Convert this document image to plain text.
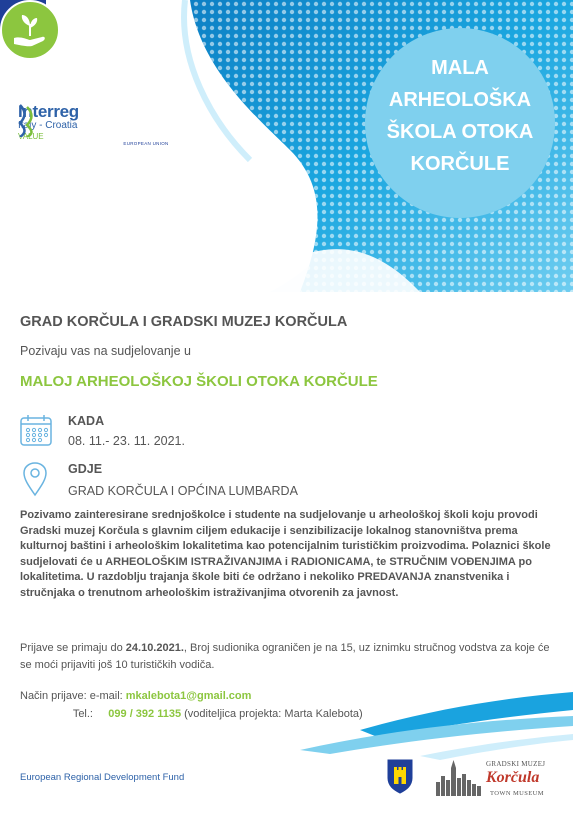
Interreg
Italy - Croatia
VALUE
EUROPEAN UNION
MALA
ARHEOLOŠKA
ŠKOLA OTOKA
KORČULE
GRAD KORČULA I GRADSKI MUZEJ KORČULA
Pozivaju vas na sudjelovanje u
MALOJ ARHEOLOŠKOJ ŠKOLI OTOKA KORČULE
KADA
08. 11.- 23. 11. 2021.
GDJE
GRAD KORČULA I OPĆINA LUMBARDA
Pozivamo zainteresirane srednjoškolce i studente na sudjelovanje u arheološkoj školi koju provodi Gradski muzej Korčula s glavnim ciljem edukacije i senzibilizacije lokalnog stanovništva prema kulturnoj baštini i arheološkim lokalitetima kao potencijalnim turističkim proizvodima. Polaznici škole sudjelovati će u ARHEOLOŠKIM ISTRAŽIVANJIMA i RADIONICAMA, te STRUČNIM VOĐENJIMA po lokalitetima. U razdoblju trajanja škole biti će održano i nekoliko PREDAVANJA znanstvenika i stručnjaka o trenutnom arheološkim istraživanjima otvorenih za javnost.
Prijave se primaju do 24.10.2021., Broj sudionika ograničen je na 15, uz iznimku stručnog vodstva za koje će se moći prijaviti još 10 turističkih vodiča.
Način prijave: e-mail: mkalebota1@gmail.com
Tel.: 099 / 392 1135 (voditeljica projekta: Marta Kalebota)
European Regional Development Fund
GRADSKI MUZEJ
Korčula
TOWN MUSEUM
